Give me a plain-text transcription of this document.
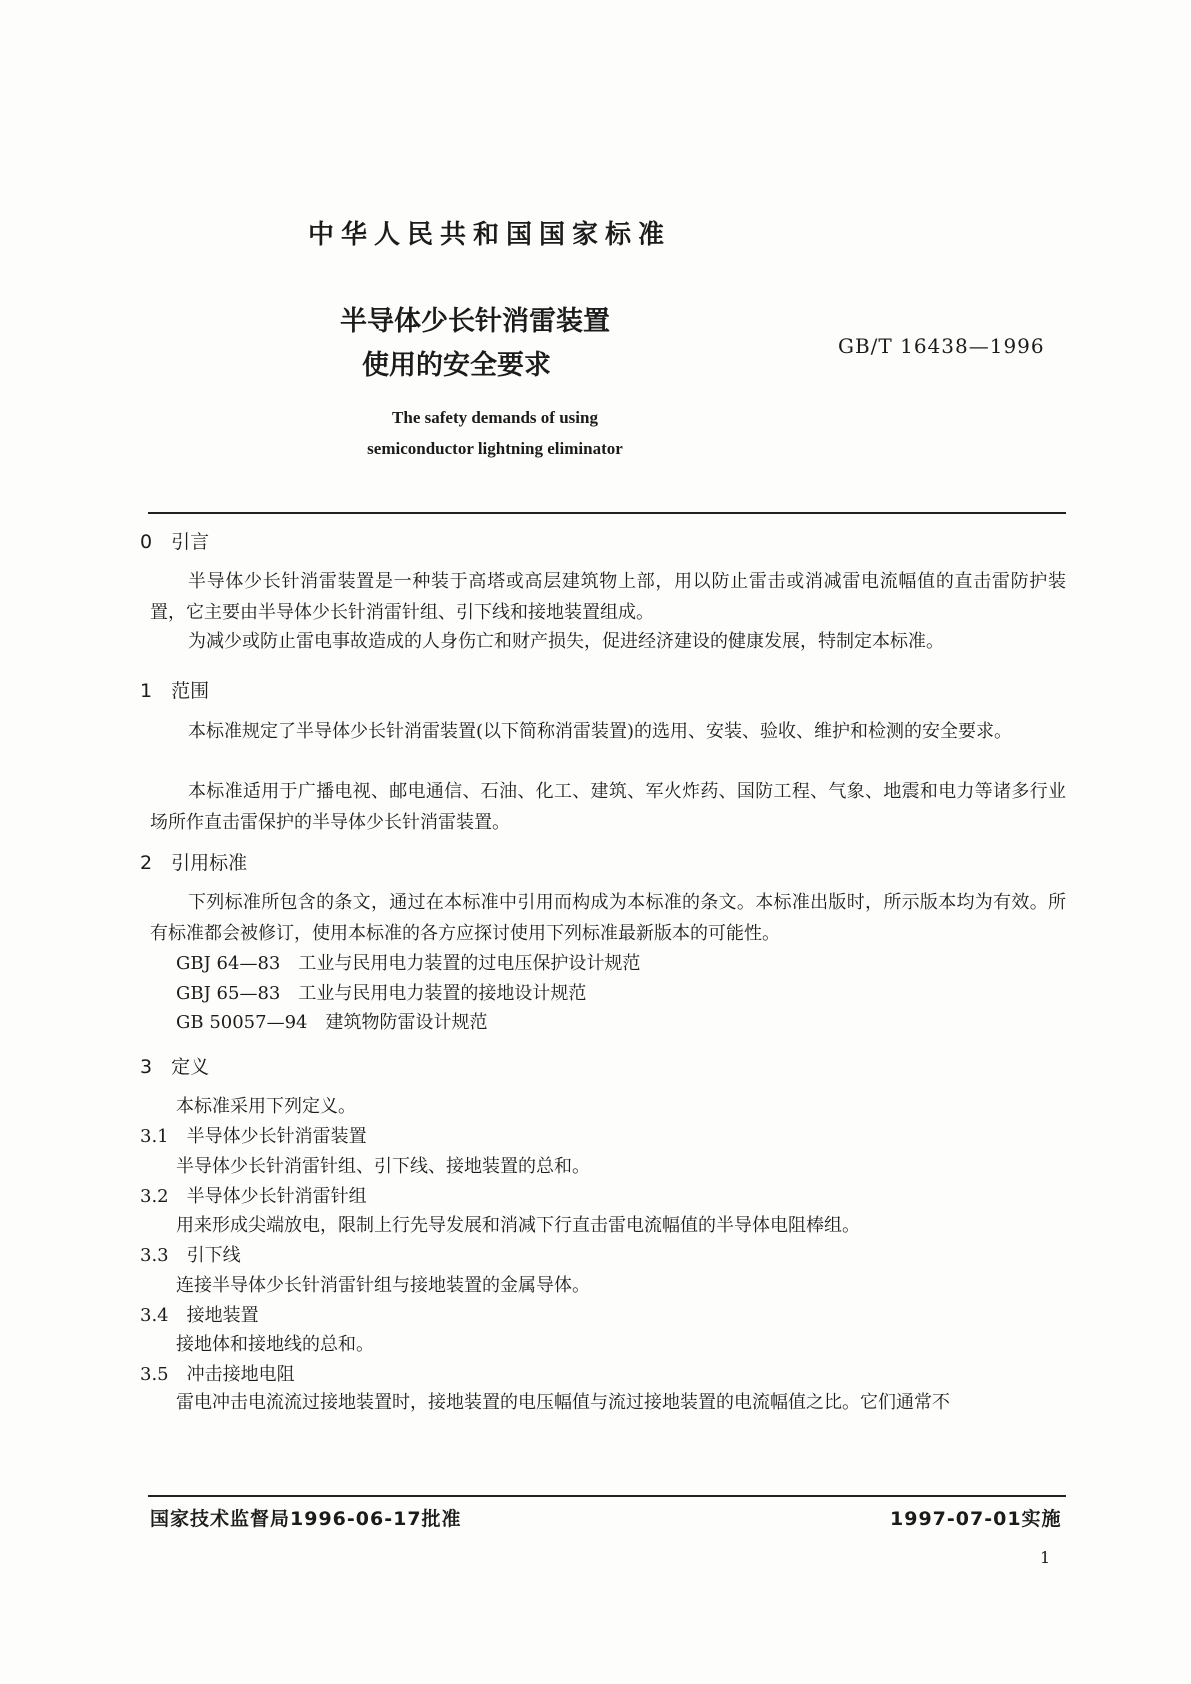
中华人民共和国国家标准
半导体少长针消雷装置
使用的安全要求
GB/T 16438—1996
The safety demands of using
semiconductor lightning eliminator
0　引言
半导体少长针消雷装置是一种装于高塔或高层建筑物上部，用以防止雷击或消减雷电流幅值的直击雷防护装置，它主要由半导体少长针消雷针组、引下线和接地装置组成。
为减少或防止雷电事故造成的人身伤亡和财产损失，促进经济建设的健康发展，特制定本标准。
1　范围
本标准规定了半导体少长针消雷装置(以下简称消雷装置)的选用、安装、验收、维护和检测的安全要求。
本标准适用于广播电视、邮电通信、石油、化工、建筑、军火炸药、国防工程、气象、地震和电力等诸多行业场所作直击雷保护的半导体少长针消雷装置。
2　引用标准
下列标准所包含的条文，通过在本标准中引用而构成为本标准的条文。本标准出版时，所示版本均为有效。所有标准都会被修订，使用本标准的各方应探讨使用下列标准最新版本的可能性。
GBJ 64—83　工业与民用电力装置的过电压保护设计规范
GBJ 65—83　工业与民用电力装置的接地设计规范
GB 50057—94　建筑物防雷设计规范
3　定义
本标准采用下列定义。
3.1　半导体少长针消雷装置
半导体少长针消雷针组、引下线、接地装置的总和。
3.2　半导体少长针消雷针组
用来形成尖端放电，限制上行先导发展和消减下行直击雷电流幅值的半导体电阻棒组。
3.3　引下线
连接半导体少长针消雷针组与接地装置的金属导体。
3.4　接地装置
接地体和接地线的总和。
3.5　冲击接地电阻
雷电冲击电流流过接地装置时，接地装置的电压幅值与流过接地装置的电流幅值之比。它们通常不
国家技术监督局1996-06-17批准	1997-07-01实施
1
